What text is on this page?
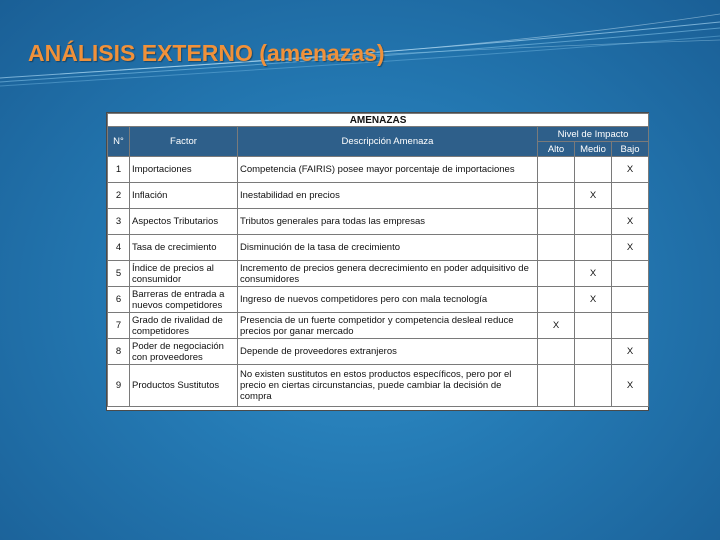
ANÁLISIS EXTERNO (amenazas)
AMENAZAS					
N°	Factor	Descripción Amenaza	Nivel de Impacto		
			Alto	Medio	Bajo
1	Importaciones	Competencia (FAIRIS) posee mayor porcentaje de importaciones			X
2	Inflación	Inestabilidad en precios		X	
3	Aspectos Tributarios	Tributos generales para todas las empresas			X
4	Tasa de crecimiento	Disminución de la tasa de crecimiento			X
5	Índice de precios al consumidor	Incremento de precios genera decrecimiento en poder adquisitivo de consumidores		X	
6	Barreras de entrada a nuevos competidores	Ingreso de nuevos competidores pero con mala tecnología		X	
7	Grado de rivalidad de competidores	Presencia de un fuerte competidor y competencia desleal reduce precios por ganar mercado	X		
8	Poder de negociación con proveedores	Depende de proveedores extranjeros			X
9	Productos Sustitutos	No existen sustitutos en estos productos específicos, pero por el precio en ciertas circunstancias, puede cambiar la decisión de compra			X
